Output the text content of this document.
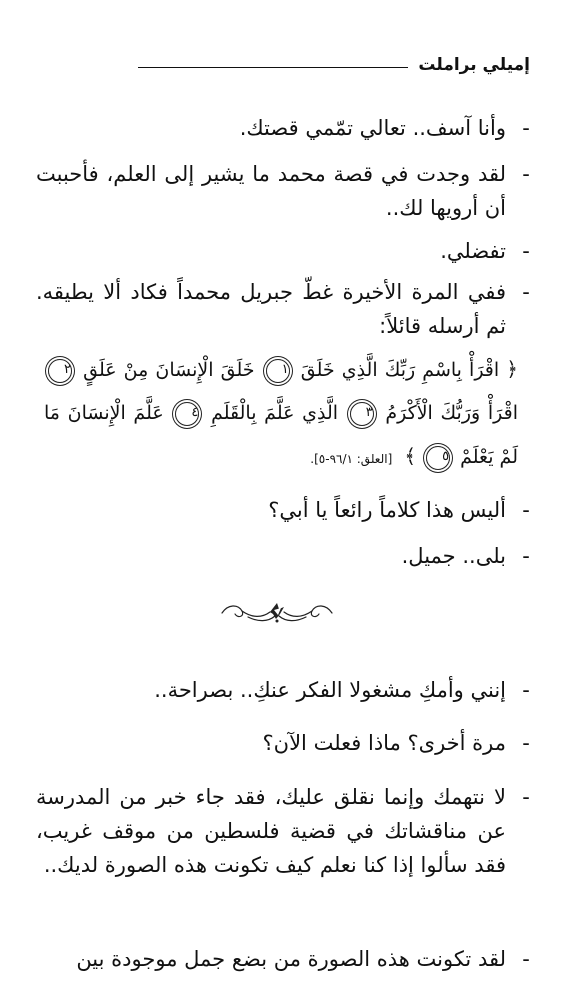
إميلي براملت
-
وأنا آسف.. تعالي تمّمي قصتك.
-
لقد وجدت في قصة محمد ما يشير إلى العلم، فأحببت أن أرويها لك..
-
تفضلي.
-
ففي المرة الأخيرة غطّ جبريل محمداً فكاد ألا يطيقه. ثم أرسله قائلاً:
﴿ اقْرَأْ بِاسْمِ رَبِّكَ الَّذِي خَلَقَ ١ خَلَقَ الْإِنسَانَ مِنْ عَلَقٍ ٢ اقْرَأْ وَرَبُّكَ الْأَكْرَمُ ٣ الَّذِي عَلَّمَ بِالْقَلَمِ ٤ عَلَّمَ الْإِنسَانَ مَا لَمْ يَعْلَمْ ٥ ﴾ [العلق: ٩٦/١-٥].
-
أليس هذا كلاماً رائعاً يا أبي؟
-
بلى.. جميل.
-
إنني وأمكِ مشغولا الفكر عنكِ.. بصراحة..
-
مرة أخرى؟ ماذا فعلت الآن؟
-
لا نتهمك وإنما نقلق عليك، فقد جاء خبر من المدرسة عن مناقشاتك في قضية فلسطين من موقف غريب، فقد سألوا إذا كنا نعلم كيف تكونت هذه الصورة لديك..
-
لقد تكونت هذه الصورة من بضع جمل موجودة بين
